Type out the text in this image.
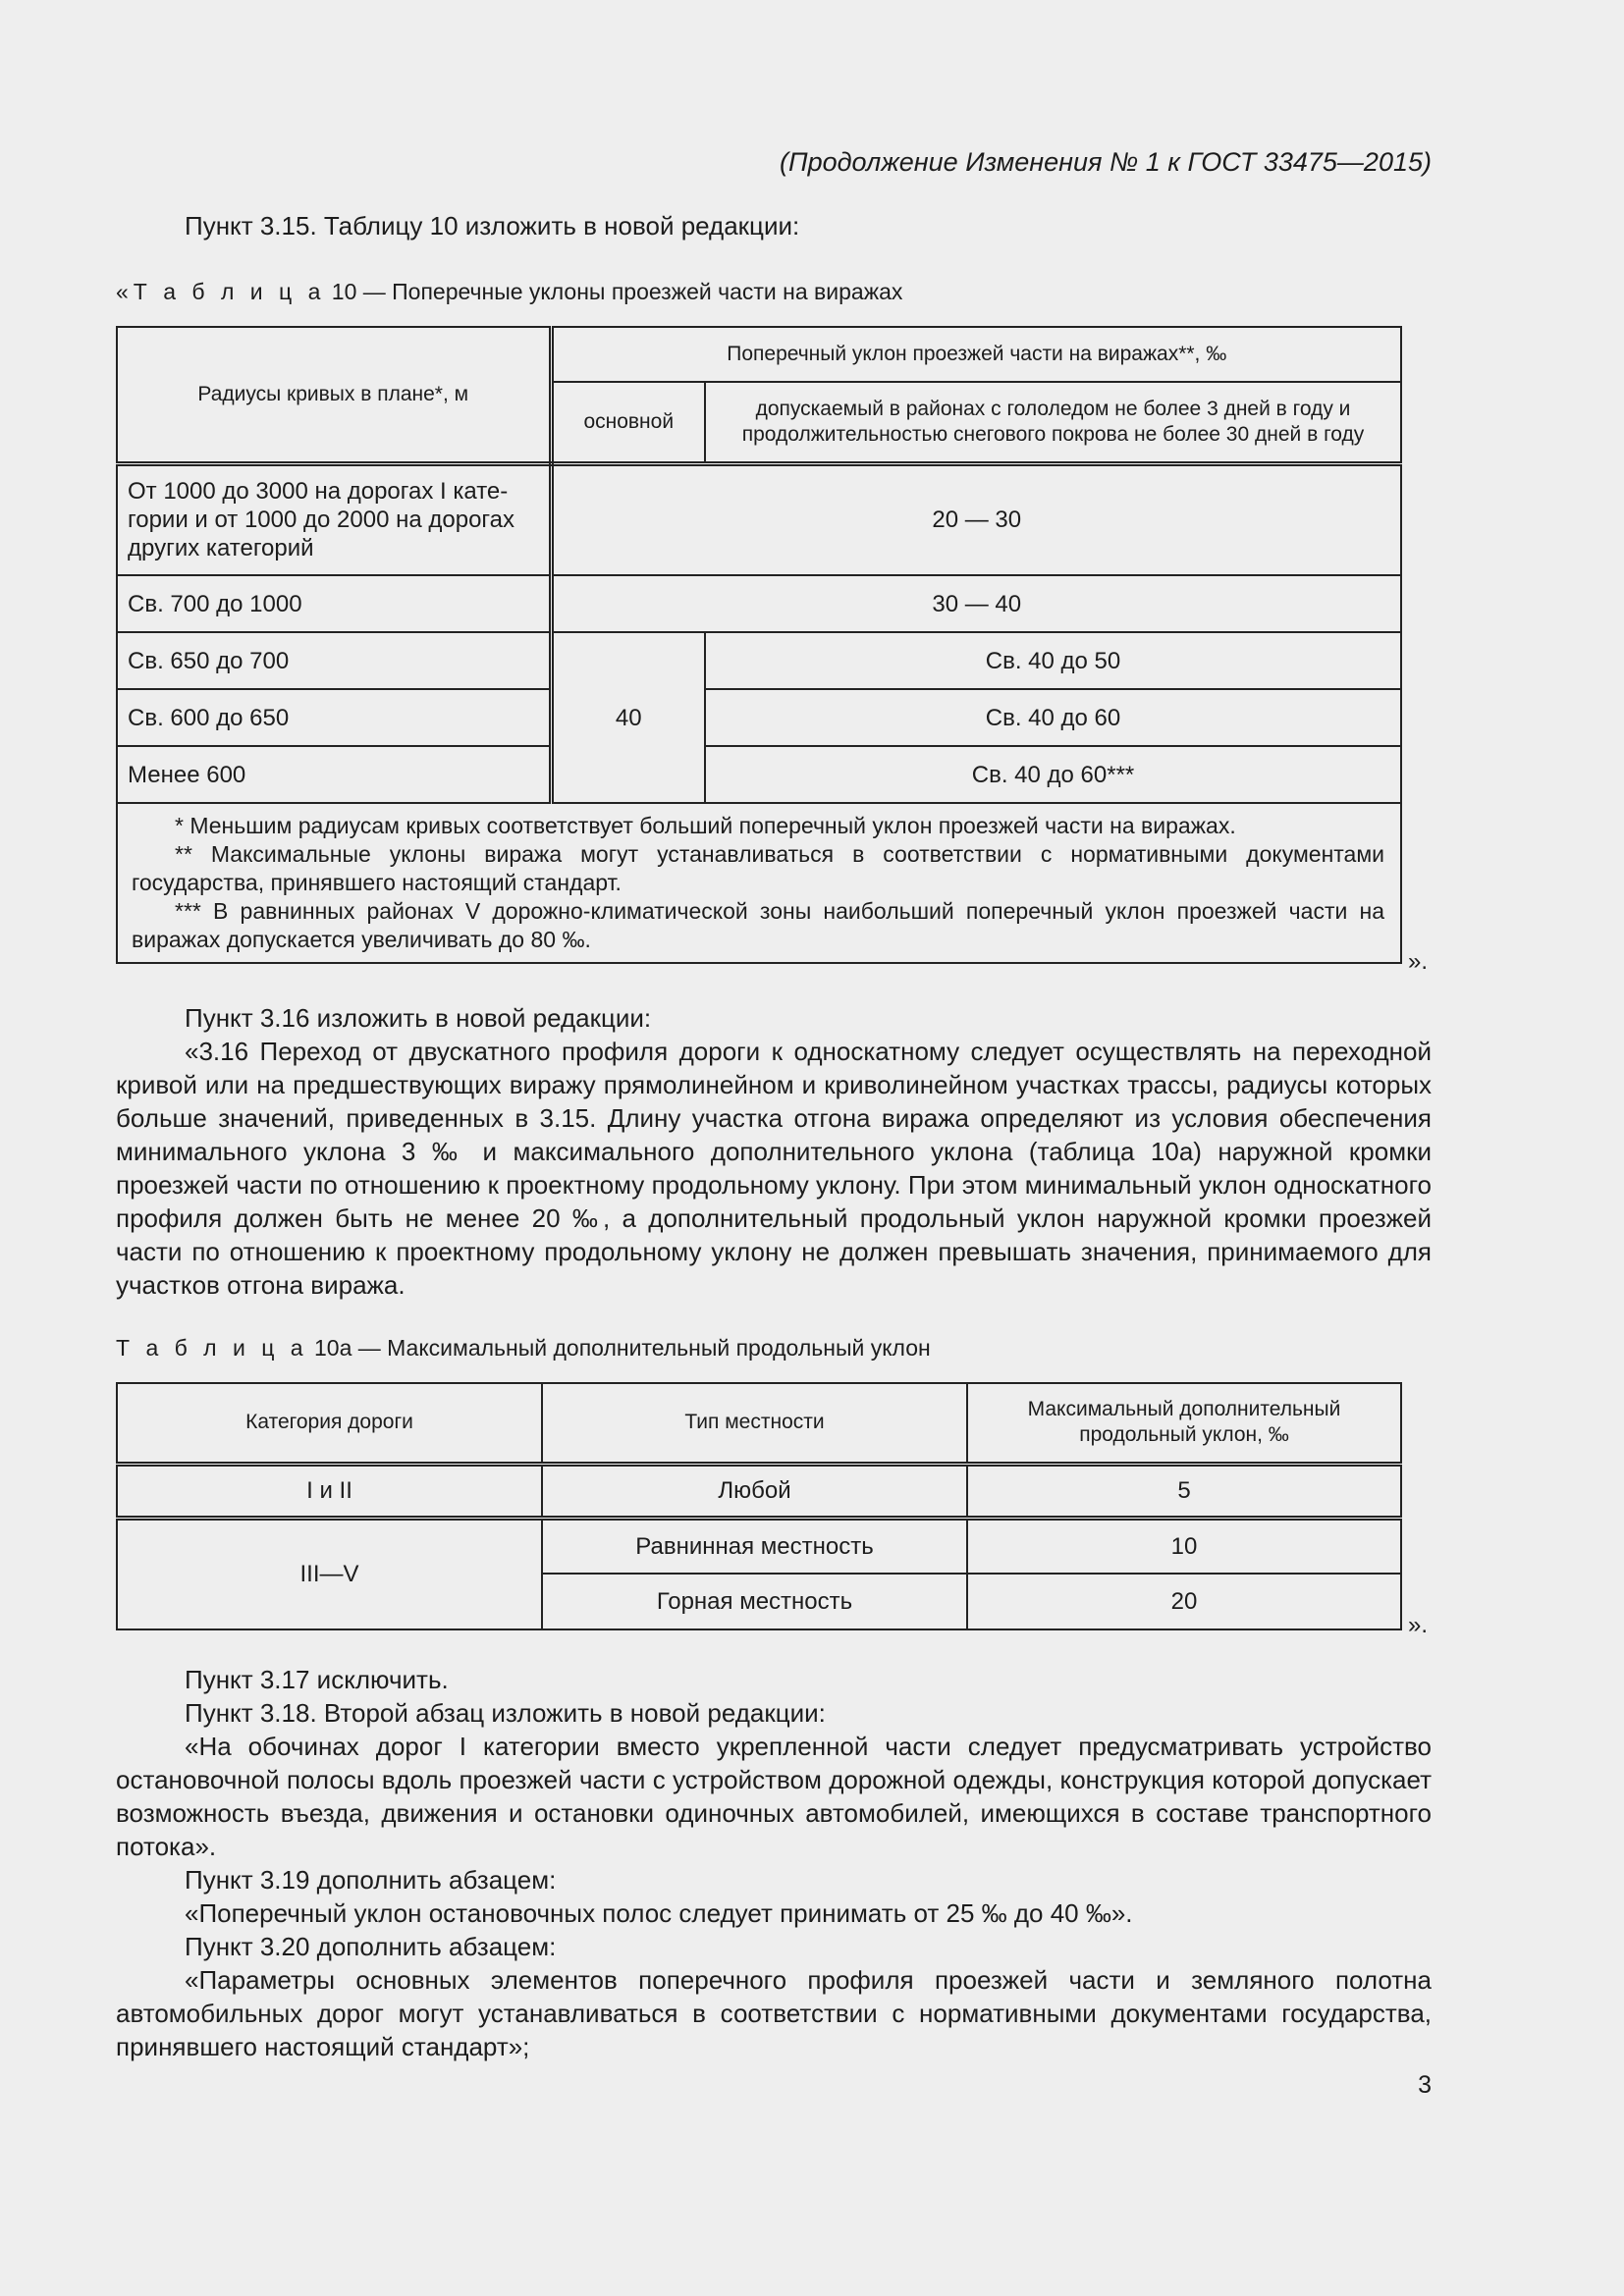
(Продолжение Изменения № 1 к ГОСТ 33475—2015)
Пункт 3.15. Таблицу 10 изложить в новой редакции:
«Т а б л и ц а 10 — Поперечные уклоны проезжей части на виражах
Радиусы кривых в плане*, м	Поперечный уклон проезжей части на виражах**, ‰	
	основной	допускаемый в районах с гололедом не более 3 дней в году и продолжительностью снегового покрова не более 30 дней в году
От 1000 до 3000 на дорогах I кате-гории и от 1000 до 2000 на дорогах других категорий	20 — 30	
Св. 700 до 1000	30 — 40	
Св. 650 до 700	40	Св. 40 до 50
Св. 600 до 650		Св. 40 до 60
Менее 600		Св. 40 до 60***

* Меньшим радиусам кривых соответствует больший поперечный уклон проезжей части на виражах.
** Максимальные уклоны виража могут устанавливаться в соответствии с нормативными документами государства, принявшего настоящий стандарт.
*** В равнинных районах V дорожно-климатической зоны наибольший поперечный уклон проезжей части на виражах допускается увеличивать до 80 ‰.		
».
Пункт 3.16 изложить в новой редакции:
«3.16 Переход от двускатного профиля дороги к односкатному следует осуществлять на переходной кривой или на предшествующих виражу прямолинейном и криволинейном участках трассы, радиусы которых больше значений, приведенных в 3.15. Длину участка отгона виража определяют из условия обеспечения минимального уклона 3 ‰ и максимального дополнительного уклона (таблица 10а) наружной кромки проезжей части по отношению к проектному продольному уклону. При этом минимальный уклон односкатного профиля должен быть не менее 20 ‰, а дополнительный продольный уклон наружной кромки проезжей части по отношению к проектному продольному уклону не должен превышать значения, принимаемого для участков отгона виража.
Т а б л и ц а 10а — Максимальный дополнительный продольный уклон
Категория дороги	Тип местности	Максимальный дополнительный продольный уклон, ‰
I и II	Любой	5
III—V	Равнинная местность	10
	Горная местность	20
».
Пункт 3.17 исключить.
Пункт 3.18. Второй абзац изложить в новой редакции:
«На обочинах дорог I категории вместо укрепленной части следует предусматривать устройство остановочной полосы вдоль проезжей части с устройством дорожной одежды, конструкция которой допускает возможность въезда, движения и остановки одиночных автомобилей, имеющихся в составе транспортного потока».
Пункт 3.19 дополнить абзацем:
«Поперечный уклон остановочных полос следует принимать от 25 ‰ до 40 ‰».
Пункт 3.20 дополнить абзацем:
«Параметры основных элементов поперечного профиля проезжей части и земляного полотна автомобильных дорог могут устанавливаться в соответствии с нормативными документами государства, принявшего настоящий стандарт»;
3
